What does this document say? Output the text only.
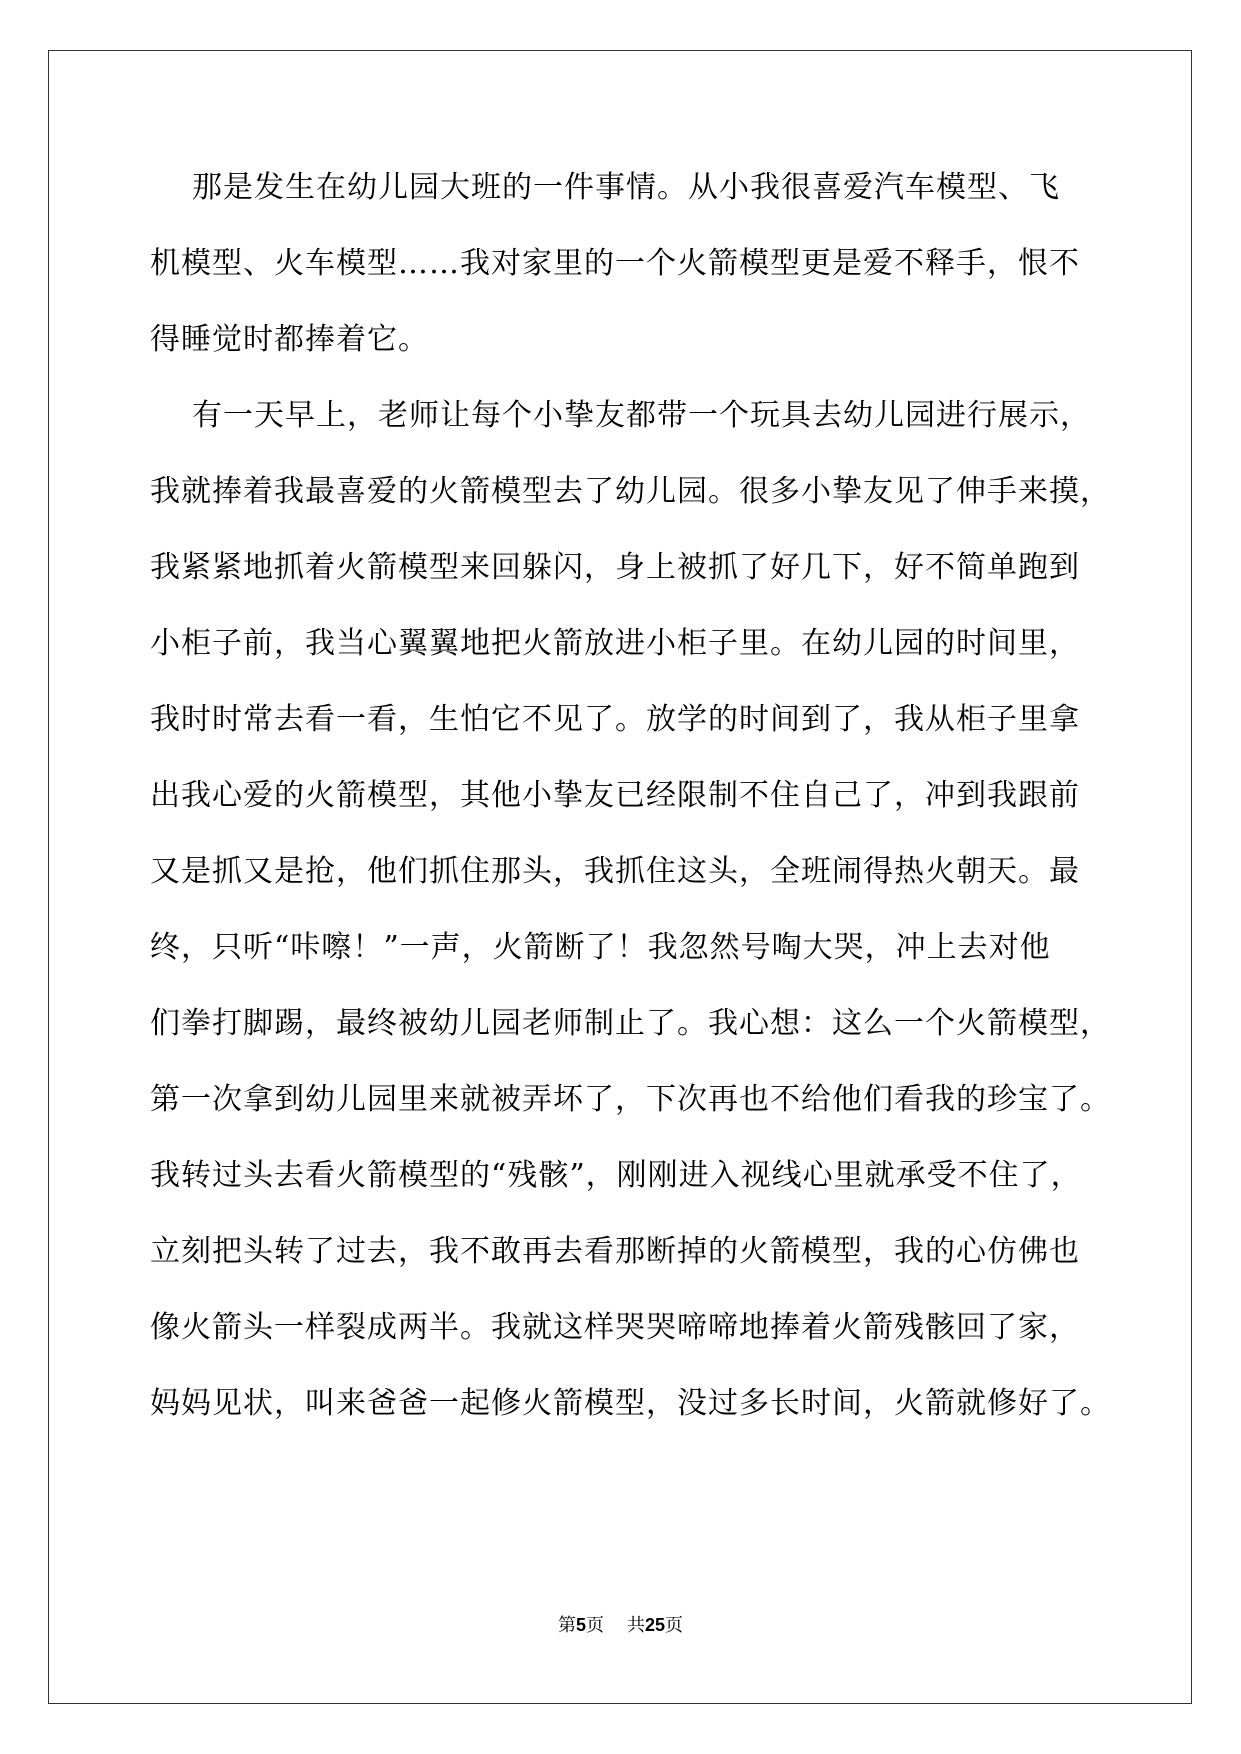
那是发生在幼儿园大班的一件事情。从小我很喜爱汽车模型、飞
机模型、火车模型……我对家里的一个火箭模型更是爱不释手，恨不
得睡觉时都捧着它。
有一天早上，老师让每个小挚友都带一个玩具去幼儿园进行展示，
我就捧着我最喜爱的火箭模型去了幼儿园。很多小挚友见了伸手来摸，
我紧紧地抓着火箭模型来回躲闪，身上被抓了好几下，好不简单跑到
小柜子前，我当心翼翼地把火箭放进小柜子里。在幼儿园的时间里，
我时时常去看一看，生怕它不见了。放学的时间到了，我从柜子里拿
出我心爱的火箭模型，其他小挚友已经限制不住自己了，冲到我跟前
又是抓又是抢，他们抓住那头，我抓住这头，全班闹得热火朝天。最
终，只听“咔嚓！”一声，火箭断了！我忽然号啕大哭，冲上去对他
们拳打脚踢，最终被幼儿园老师制止了。我心想：这么一个火箭模型，
第一次拿到幼儿园里来就被弄坏了，下次再也不给他们看我的珍宝了。
我转过头去看火箭模型的“残骸”，刚刚进入视线心里就承受不住了，
立刻把头转了过去，我不敢再去看那断掉的火箭模型，我的心仿佛也
像火箭头一样裂成两半。我就这样哭哭啼啼地捧着火箭残骸回了家，
妈妈见状，叫来爸爸一起修火箭模型，没过多长时间，火箭就修好了。
第5页 共25页
